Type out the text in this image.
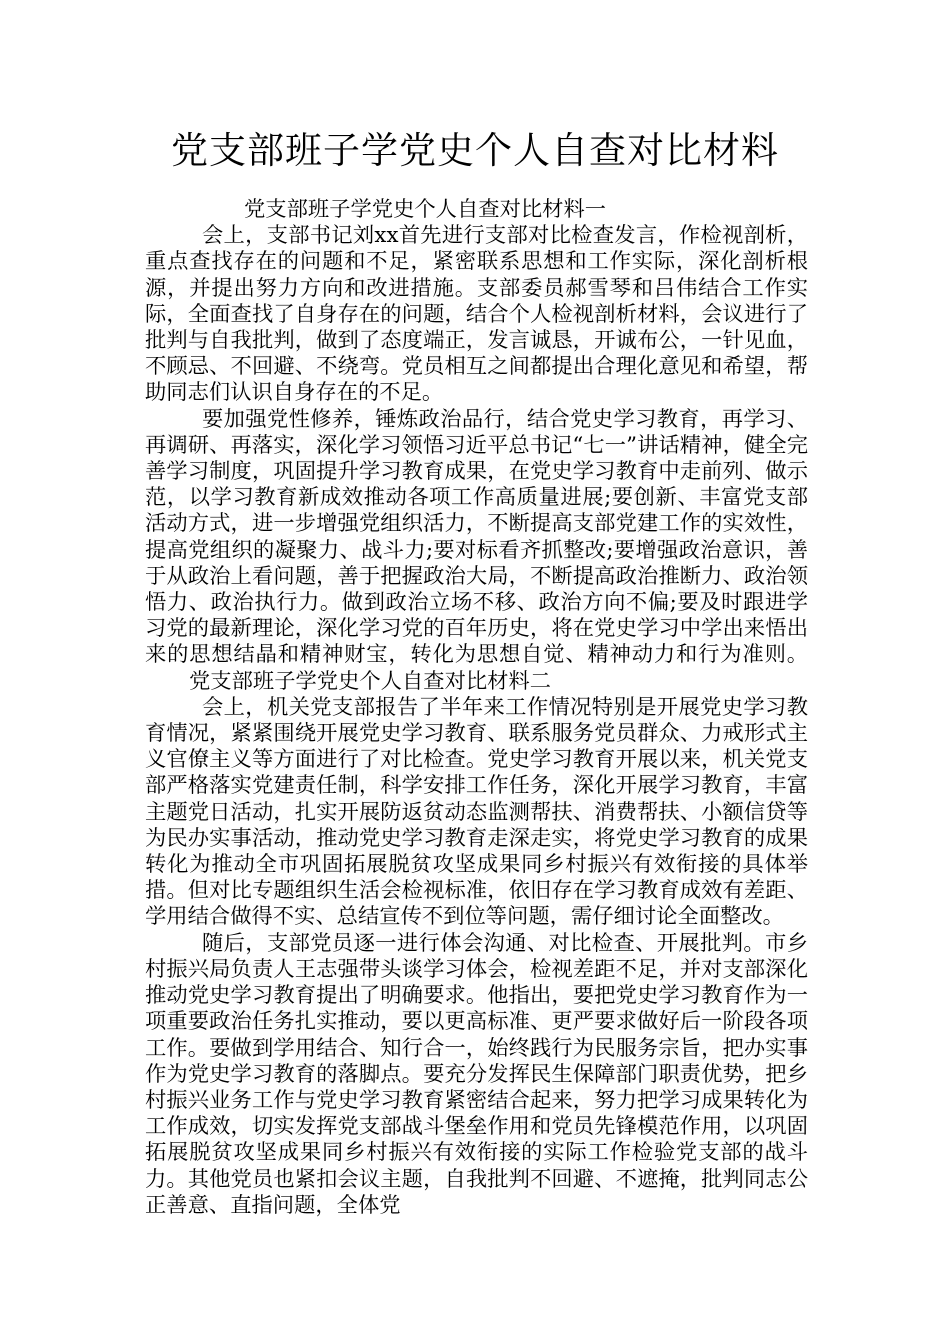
党支部班子学党史个人自查对比材料

党支部班子学党史个人自查对比材料一

会上，支部书记刘xx首先进行支部对比检查发言，作检视剖析，重点查找存在的问题和不足，紧密联系思想和工作实际，深化剖析根源，并提出努力方向和改进措施。支部委员郝雪琴和吕伟结合工作实际，全面查找了自身存在的问题，结合个人检视剖析材料，会议进行了批判与自我批判，做到了态度端正，发言诚恳，开诚布公，一针见血，不顾忌、不回避、不绕弯。党员相互之间都提出合理化意见和希望，帮助同志们认识自身存在的不足。

要加强党性修养，锤炼政治品行，结合党史学习教育，再学习、再调研、再落实，深化学习领悟习近平总书记“七一”讲话精神，健全完善学习制度，巩固提升学习教育成果，在党史学习教育中走前列、做示范，以学习教育新成效推动各项工作高质量进展;要创新、丰富党支部活动方式，进一步增强党组织活力，不断提高支部党建工作的实效性，提高党组织的凝聚力、战斗力;要对标看齐抓整改;要增强政治意识，善于从政治上看问题，善于把握政治大局，不断提高政治推断力、政治领悟力、政治执行力。做到政治立场不移、政治方向不偏;要及时跟进学习党的最新理论，深化学习党的百年历史，将在党史学习中学出来悟出来的思想结晶和精神财宝，转化为思想自觉、精神动力和行为准则。党支部班子学党史个人自查对比材料二

会上，机关党支部报告了半年来工作情况特别是开展党史学习教育情况，紧紧围绕开展党史学习教育、联系服务党员群众、力戒形式主义官僚主义等方面进行了对比检查。党史学习教育开展以来，机关党支部严格落实党建责任制，科学安排工作任务，深化开展学习教育，丰富主题党日活动，扎实开展防返贫动态监测帮扶、消费帮扶、小额信贷等为民办实事活动，推动党史学习教育走深走实，将党史学习教育的成果转化为推动全市巩固拓展脱贫攻坚成果同乡村振兴有效衔接的具体举措。但对比专题组织生活会检视标准，依旧存在学习教育成效有差距、学用结合做得不实、总结宣传不到位等问题，需仔细讨论全面整改。

随后，支部党员逐一进行体会沟通、对比检查、开展批判。市乡村振兴局负责人王志强带头谈学习体会，检视差距不足，并对支部深化推动党史学习教育提出了明确要求。他指出，要把党史学习教育作为一项重要政治任务扎实推动，要以更高标准、更严要求做好后一阶段各项工作。要做到学用结合、知行合一，始终践行为民服务宗旨，把办实事作为党史学习教育的落脚点。要充分发挥民生保障部门职责优势，把乡村振兴业务工作与党史学习教育紧密结合起来，努力把学习成果转化为工作成效，切实发挥党支部战斗堡垒作用和党员先锋模范作用，以巩固拓展脱贫攻坚成果同乡村振兴有效衔接的实际工作检验党支部的战斗力。其他党员也紧扣会议主题，自我批判不回避、不遮掩，批判同志公正善意、直指问题，全体党
